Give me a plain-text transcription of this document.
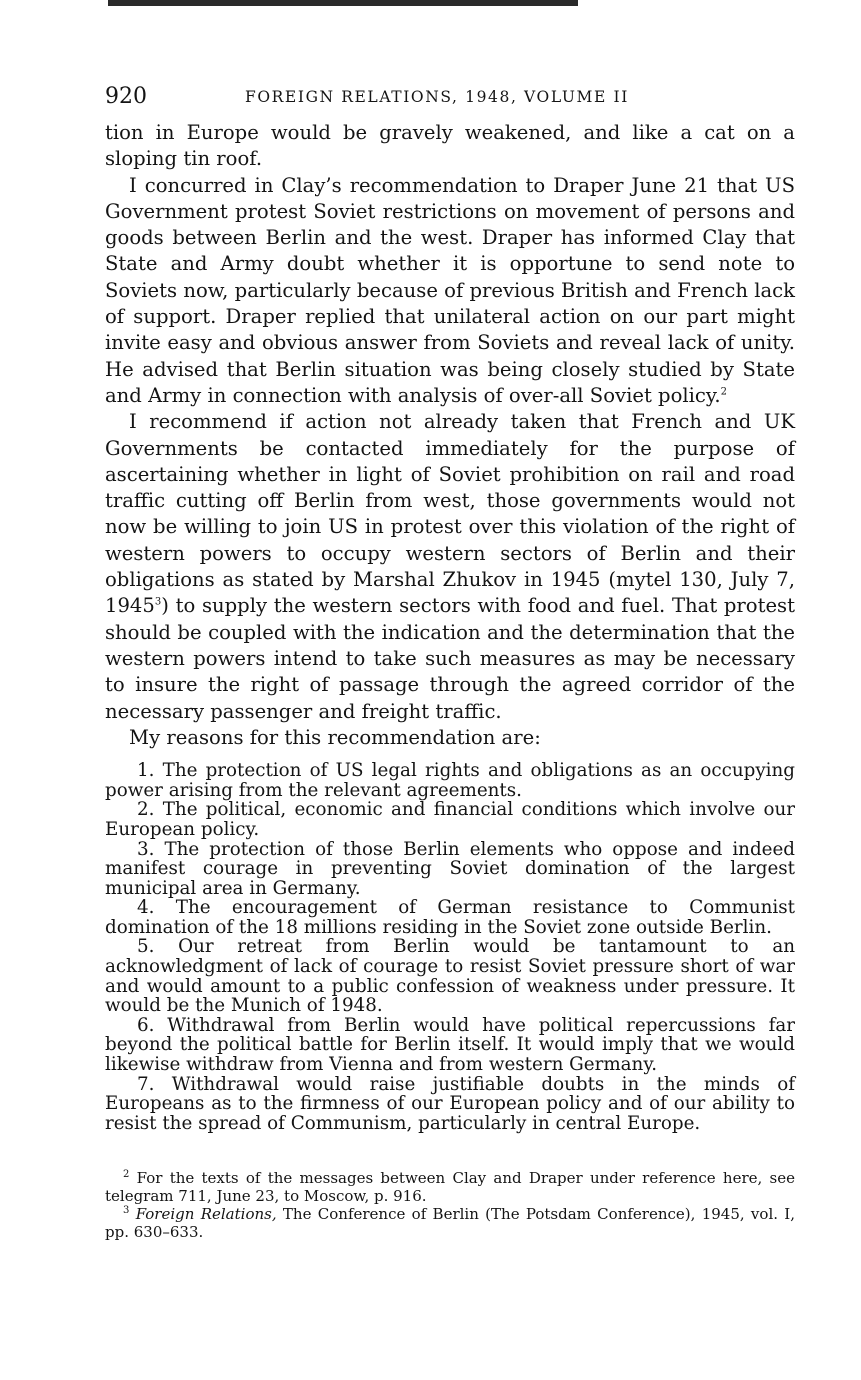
920	FOREIGN RELATIONS, 1948, VOLUME II

tion in Europe would be gravely weakened, and like a cat on a sloping tin roof.

I concurred in Clay’s recommendation to Draper June 21 that US Government protest Soviet restrictions on movement of persons and goods between Berlin and the west. Draper has informed Clay that State and Army doubt whether it is opportune to send note to Soviets now, particularly because of previous British and French lack of support. Draper replied that unilateral action on our part might invite easy and obvious answer from Soviets and reveal lack of unity. He advised that Berlin situation was being closely studied by State and Army in connection with analysis of over-all Soviet policy.$^2$

I recommend if action not already taken that French and UK Governments be contacted immediately for the purpose of ascertaining whether in light of Soviet prohibition on rail and road traffic cutting off Berlin from west, those governments would not now be willing to join US in protest over this violation of the right of western powers to occupy western sectors of Berlin and their obligations as stated by Marshal Zhukov in 1945 (mytel 130, July 7, 1945$^3$) to supply the western sectors with food and fuel. That protest should be coupled with the indication and the determination that the western powers intend to take such measures as may be necessary to insure the right of passage through the agreed corridor of the necessary passenger and freight traffic.

My reasons for this recommendation are:

1. The protection of US legal rights and obligations as an occupying power arising from the relevant agreements.

2. The political, economic and financial conditions which involve our European policy.

3. The protection of those Berlin elements who oppose and indeed manifest courage in preventing Soviet domination of the largest municipal area in Germany.

4. The encouragement of German resistance to Communist domination of the 18 millions residing in the Soviet zone outside Berlin.

5. Our retreat from Berlin would be tantamount to an acknowledgment of lack of courage to resist Soviet pressure short of war and would amount to a public confession of weakness under pressure. It would be the Munich of 1948.

6. Withdrawal from Berlin would have political repercussions far beyond the political battle for Berlin itself. It would imply that we would likewise withdraw from Vienna and from western Germany.

7. Withdrawal would raise justifiable doubts in the minds of Europeans as to the firmness of our European policy and of our ability to resist the spread of Communism, particularly in central Europe.

$^2$ For the texts of the messages between Clay and Draper under reference here, see telegram 711, June 23, to Moscow, p. 916.

$^3$ Foreign Relations, The Conference of Berlin (The Potsdam Conference), 1945, vol. I, pp. 630–633.
